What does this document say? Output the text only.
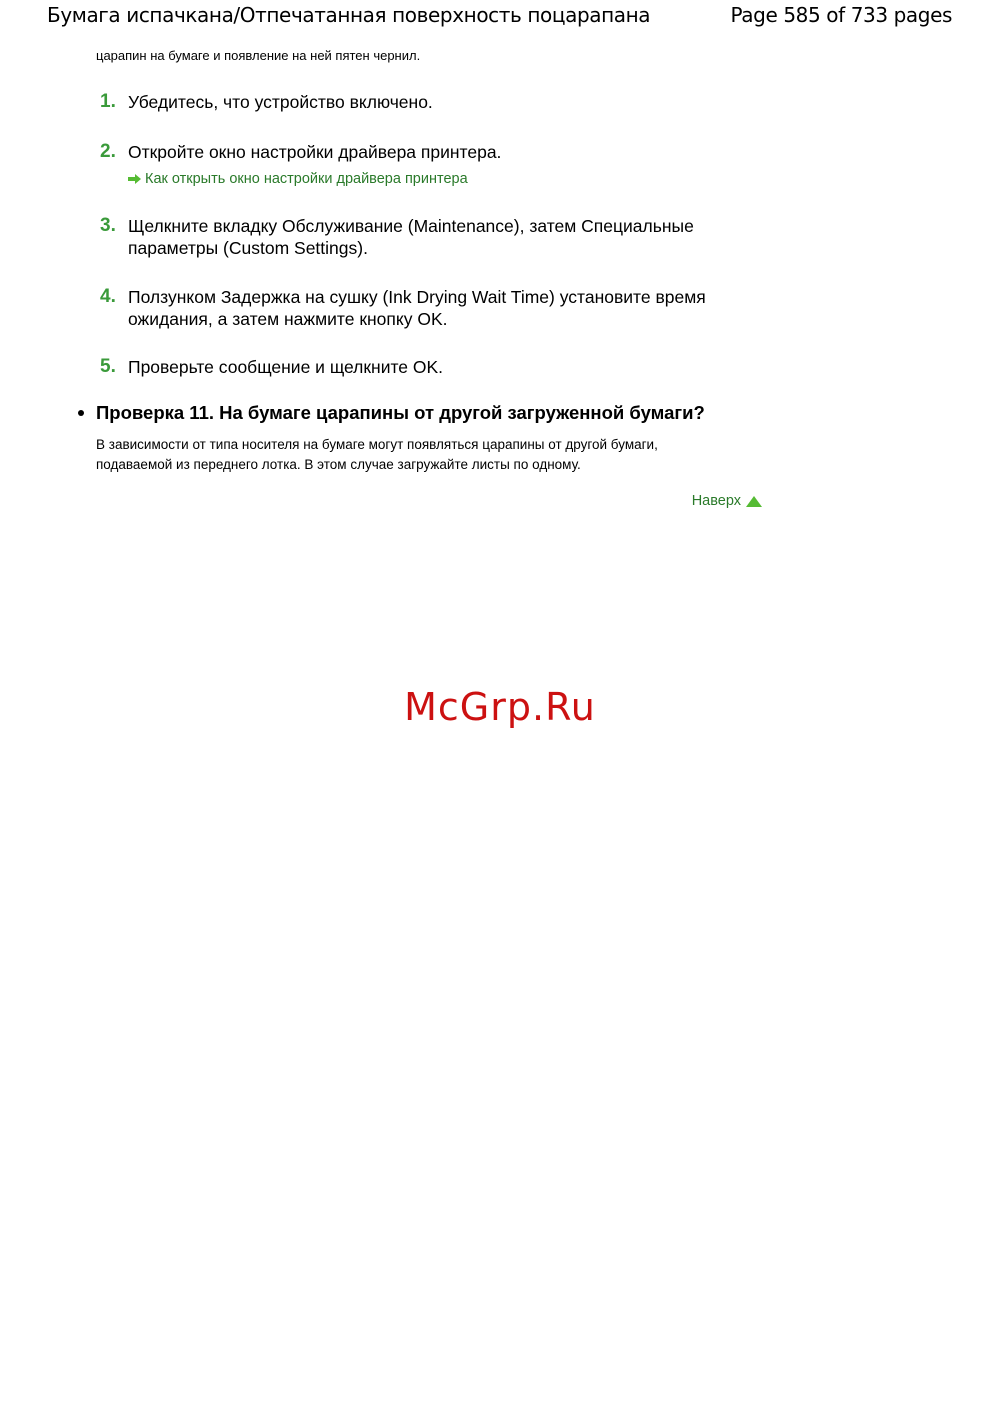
Бумага испачкана/Отпечатанная поверхность поцарапана	Page 585 of 733 pages
царапин на бумаге и появление на ней пятен чернил.
1. Убедитесь, что устройство включено.
2. Откройте окно настройки драйвера принтера.
Как открыть окно настройки драйвера принтера
3. Щелкните вкладку Обслуживание (Maintenance), затем Специальные параметры (Custom Settings).
4. Ползунком Задержка на сушку (Ink Drying Wait Time) установите время ожидания, а затем нажмите кнопку OK.
5. Проверьте сообщение и щелкните OK.
Проверка 11. На бумаге царапины от другой загруженной бумаги?
В зависимости от типа носителя на бумаге могут появляться царапины от другой бумаги, подаваемой из переднего лотка. В этом случае загружайте листы по одному.
Наверх
McGrp.Ru
